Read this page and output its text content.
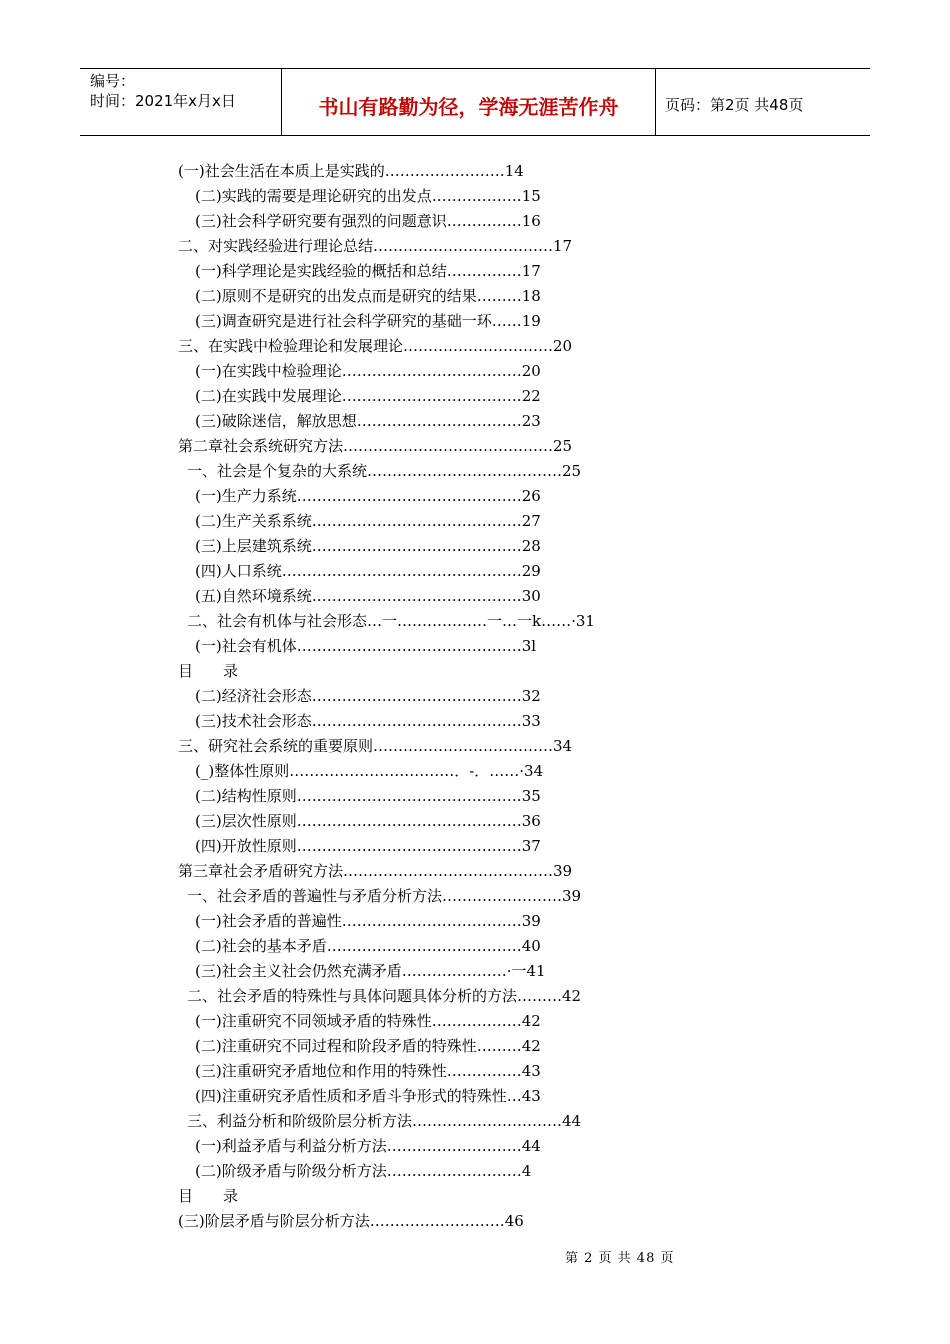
编号：
时间：2021年x月x日	书山有路勤为径，学海无涯苦作舟	页码：第2页 共48页
(一)社会生活在本质上是实践的……………………14
(二)实践的需要是理论研究的出发点………………15
(三)社会科学研究要有强烈的问题意识……………16
二、对实践经验进行理论总结………………………………17
(一)科学理论是实践经验的概括和总结……………17
(二)原则不是研究的出发点而是研究的结果………18
(三)调查研究是进行社会科学研究的基础一环……19
三、在实践中检验理论和发展理论…………………………20
(一)在实践中检验理论………………………………20
(二)在实践中发展理论………………………………22
(三)破除迷信，解放思想……………………………23
第二章社会系统研究方法……………………………………25
一、社会是个复杂的大系统…………………………………25
(一)生产力系统………………………………………26
(二)生产关系系统……………………………………27
(三)上层建筑系统……………………………………28
(四)人口系统…………………………………………29
(五)自然环境系统……………………………………30
二、社会有机体与社会形态…一………………一…一k……·31
(一)社会有机体………………………………………3l
目　　录
(二)经济社会形态……………………………………32
(三)技术社会形态……………………………………33
三、研究社会系统的重要原则………………………………34
(_)整体性原则……………………………．-．……·34
(二)结构性原则………………………………………35
(三)层次性原则………………………………………36
(四)开放性原则………………………………………37
第三章社会矛盾研究方法……………………………………39
一、社会矛盾的普遍性与矛盾分析方法……………………39
(一)社会矛盾的普遍性………………………………39
(二)社会的基本矛盾…………………………………40
(三)社会主义社会仍然充满矛盾…………………·一41
二、社会矛盾的特殊性与具体问题具体分析的方法………42
(一)注重研究不同领域矛盾的特殊性………………42
(二)注重研究不同过程和阶段矛盾的特殊性………42
(三)注重研究矛盾地位和作用的特殊性……………43
(四)注重研究矛盾性质和矛盾斗争形式的特殊性…43
三、利益分析和阶级阶层分析方法…………………………44
(一)利益矛盾与利益分析方法………………………44
(二)阶级矛盾与阶级分析方法………………………4
目　　录
(三)阶层矛盾与阶层分析方法………………………46
第 2 页 共 48 页
